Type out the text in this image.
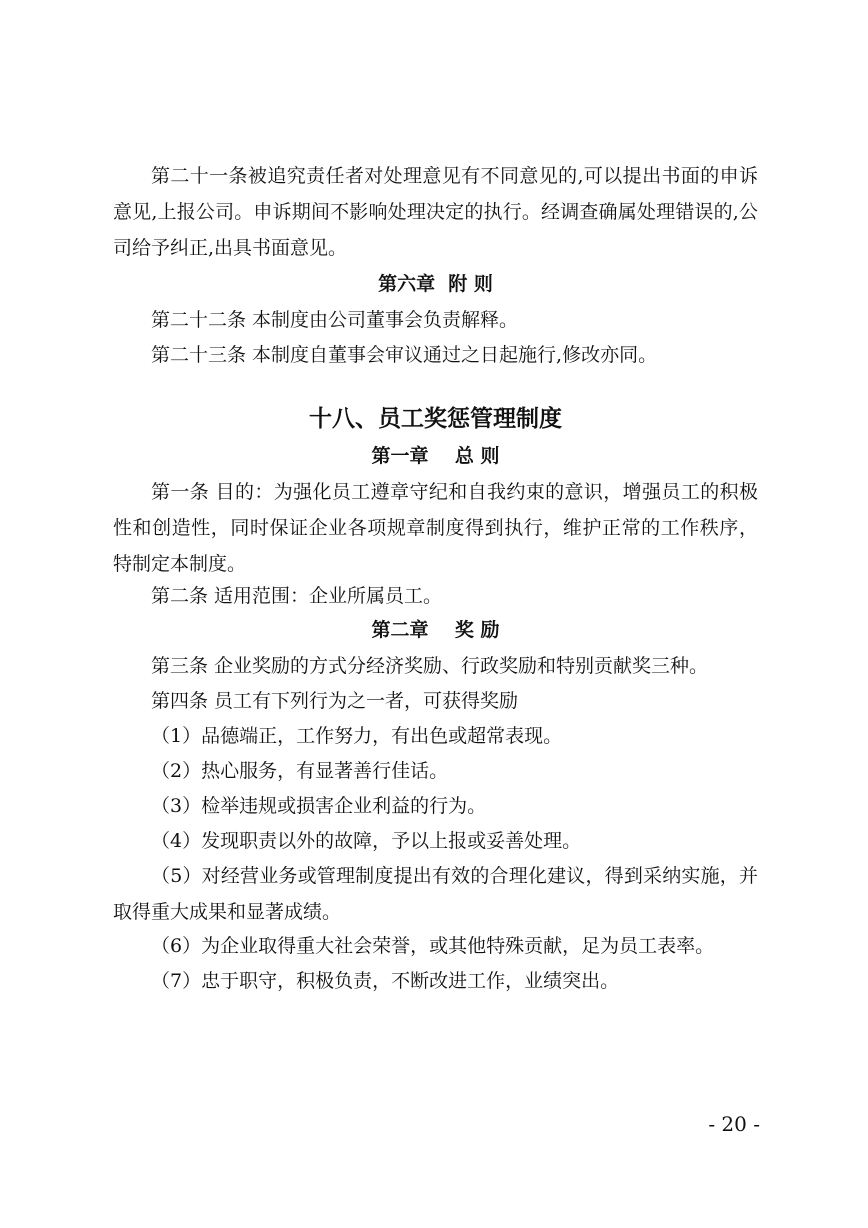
第二十一条被追究责任者对处理意见有不同意见的,可以提出书面的申诉意见,上报公司。申诉期间不影响处理决定的执行。经调查确属处理错误的,公司给予纠正,出具书面意见。
第六章  附 则
第二十二条 本制度由公司董事会负责解释。
第二十三条 本制度自董事会审议通过之日起施行,修改亦同。
十八、员工奖惩管理制度
第一章    总 则
第一条 目的：为强化员工遵章守纪和自我约束的意识，增强员工的积极性和创造性，同时保证企业各项规章制度得到执行，维护正常的工作秩序，特制定本制度。
第二条 适用范围：企业所属员工。
第二章    奖 励
第三条 企业奖励的方式分经济奖励、行政奖励和特别贡献奖三种。
第四条 员工有下列行为之一者，可获得奖励
（1）品德端正，工作努力，有出色或超常表现。
（2）热心服务，有显著善行佳话。
（3）检举违规或损害企业利益的行为。
（4）发现职责以外的故障，予以上报或妥善处理。
（5）对经营业务或管理制度提出有效的合理化建议，得到采纳实施，并取得重大成果和显著成绩。
（6）为企业取得重大社会荣誉，或其他特殊贡献，足为员工表率。
（7）忠于职守，积极负责，不断改进工作，业绩突出。
- 20 -
